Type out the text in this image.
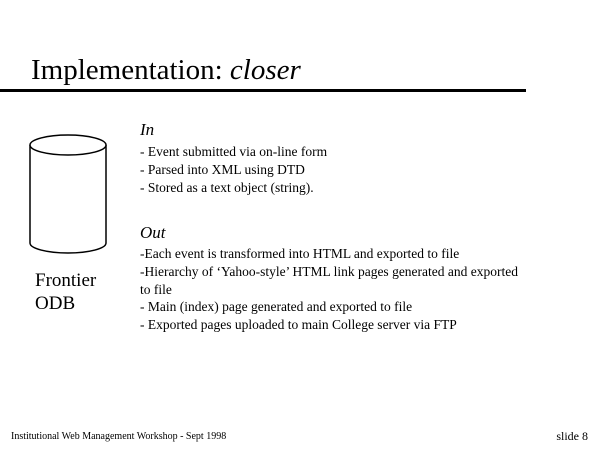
Implementation: closer
Frontier
ODB
In
- Event submitted via on-line form
- Parsed into XML using DTD
- Stored as a text object (string).
Out
-Each event is transformed into HTML and exported to file
-Hierarchy of ‘Yahoo-style’ HTML link pages generated and exported to file
- Main (index) page generated and exported to file
- Exported pages uploaded to main College server via FTP
Institutional Web Management Workshop - Sept 1998	slide 8
